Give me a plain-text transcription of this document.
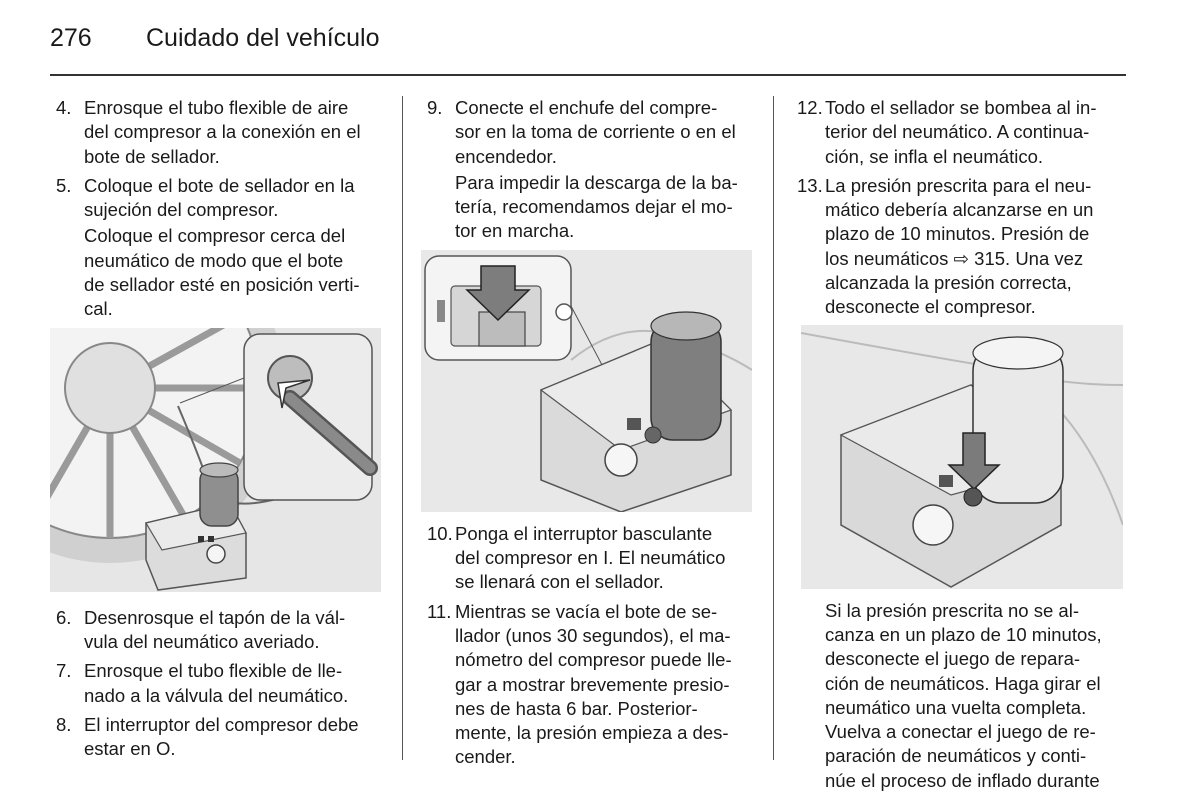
276 Cuidado del vehículo
4. Enrosque el tubo flexible de aire
del compresor a la conexión en el
bote de sellador.
5. Coloque el bote de sellador en la
sujeción del compresor.
Coloque el compresor cerca del
neumático de modo que el bote
de sellador esté en posición verti-
cal.
6. Desenrosque el tapón de la vál-
vula del neumático averiado.
7. Enrosque el tubo flexible de lle-
nado a la válvula del neumático.
8. El interruptor del compresor debe
estar en O.
9. Conecte el enchufe del compre-
sor en la toma de corriente o en el
encendedor.
Para impedir la descarga de la ba-
tería, recomendamos dejar el mo-
tor en marcha.
10. Ponga el interruptor basculante
del compresor en I. El neumático
se llenará con el sellador.
11. Mientras se vacía el bote de se-
llador (unos 30 segundos), el ma-
nómetro del compresor puede lle-
gar a mostrar brevemente presio-
nes de hasta 6 bar. Posterior-
mente, la presión empieza a des-
cender.
12. Todo el sellador se bombea al in-
terior del neumático. A continua-
ción, se infla el neumático.
13. La presión prescrita para el neu-
mático debería alcanzarse en un
plazo de 10 minutos. Presión de
los neumáticos ⇨ 315. Una vez
alcanzada la presión correcta,
desconecte el compresor.
Si la presión prescrita no se al-
canza en un plazo de 10 minutos,
desconecte el juego de repara-
ción de neumáticos. Haga girar el
neumático una vuelta completa.
Vuelva a conectar el juego de re-
paración de neumáticos y conti-
núe el proceso de inflado durante
